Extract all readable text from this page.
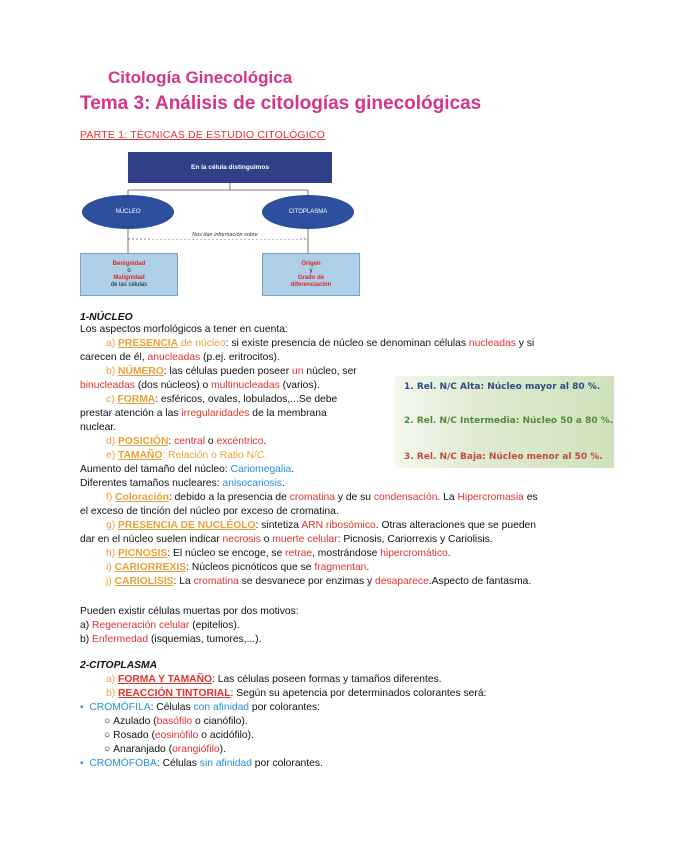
Citología Ginecológica
Tema 3: Análisis de citologías ginecológicas
PARTE 1: TÉCNICAS DE ESTUDIO CITOLÓGICO
En la célula distinguimos
NÚCLEO	CITOPLASMA
Nos dan información sobre
Benignidad
o
Malignidad
de las células
Origen
y
Grado de
diferenciación
1. Rel. N/C Alta: Núcleo mayor al 80 %.
2. Rel. N/C Intermedia: Núcleo 50 a 80 %.
3. Rel. N/C Baja: Núcleo menor al 50 %.
1-NÚCLEO
Los aspectos morfológicos a tener en cuenta:
a) PRESENCIA de núcleo: si existe presencia de núcleo se denominan células nucleadas y si
carecen de él, anucleadas (p.ej. eritrocitos).
b) NÚMERO: las células pueden poseer un núcleo, ser
binucleadas (dos núcleos) o multinucleadas (varios).
c) FORMA: esféricos, ovales, lobulados,...Se debe
prestar atención a las irregularidades de la membrana
nuclear.
d) POSICIÓN: central o excéntrico.
e) TAMAÑO: Relación o Ratio N/C.
Aumento del tamaño del núcleo: Cariomegalia.
Diferentes tamaños nucleares: anisocariosis.
f) Coloración: debido a la presencia de cromatina y de su condensación. La Hipercromasia es
el exceso de tinción del núcleo por exceso de cromatina.
g) PRESENCIA DE NUCLÉOLO: sintetiza ARN ribosómico. Otras alteraciones que se pueden
dar en el núcleo suelen indicar necrosis o muerte celular: Picnosis, Cariorrexis y Cariolisis.
h) PICNOSIS: El núcleo se encoge, se retrae, mostrándose hipercromático.
i) CARIORREXIS: Núcleos picnóticos que se fragmentan.
j) CARIOLISIS: La cromatina se desvanece por enzimas y desaparece.Aspecto de fantasma.
Pueden existir células muertas por dos motivos:
a) Regeneración celular (epitelios).
b) Enfermedad (isquemias, tumores,...).
2-CITOPLASMA
a) FORMA Y TAMAÑO: Las células poseen formas y tamaños diferentes.
b) REACCIÓN TINTORIAL: Según su apetencia por determinados colorantes será:
• CROMÓFILA: Células con afinidad por colorantes:
○ Azulado (basófilo o cianófilo).
○ Rosado (eosinófilo o acidófilo).
○ Anaranjado (orangiófilo).
• CROMÓFOBA: Células sin afinidad por colorantes.
